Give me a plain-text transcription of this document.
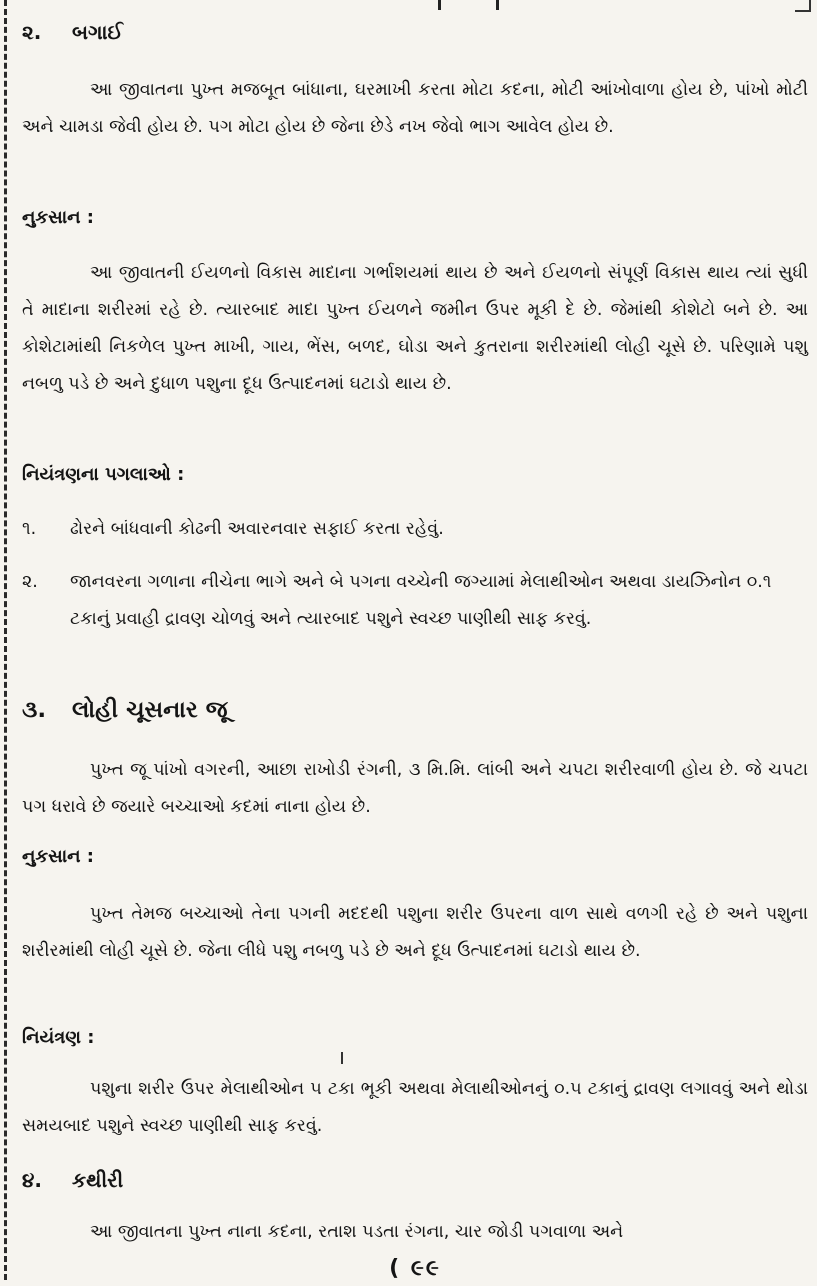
૨. બગાઈ

આ જીવાતના પુખ્ત મજબૂત બાંધાના, ઘરમાખી કરતા મોટા કદના, મોટી આંખોવાળા હોય છે, પાંખો મોટી અને ચામડા જેવી હોય છે. પગ મોટા હોય છે જેના છેડે નખ જેવો ભાગ આવેલ હોય છે.

નુકસાન :

આ જીવાતની ઈયળનો વિકાસ માદાના ગર્ભાશયમાં થાય છે અને ઈયળનો સંપૂર્ણ વિકાસ થાય ત્યાં સુધી તે માદાના શરીરમાં રહે છે. ત્યારબાદ માદા પુખ્ત ઈયળને જમીન ઉપર મૂકી દે છે. જેમાંથી કોશેટો બને છે. આ કોશેટામાંથી નિકળેલ પુખ્ત માખી, ગાય, ભેંસ, બળદ, ઘોડા અને કુતરાના શરીરમાંથી લોહી ચૂસે છે. પરિણામે પશુ નબળુ પડે છે અને દુધાળ પશુના દૂધ ઉત્પાદનમાં ઘટાડો થાય છે.

નિયંત્રણના પગલાઓ :
૧.	ઢોરને બાંધવાની કોઢની અવારનવાર સફાઈ કરતા રહેવું.
૨.	જાનવરના ગળાના નીચેના ભાગે અને બે પગના વચ્ચેની જગ્યામાં મેલાથીઓન અથવા ડાયઝિનોન ૦.૧ ટકાનું પ્રવાહી દ્રાવણ ચોળવું અને ત્યારબાદ પશુને સ્વચ્છ પાણીથી સાફ કરવું.
૩. લોહી ચૂસનાર જૂ

પુખ્ત જૂ પાંખો વગરની, આછા રાખોડી રંગની, ૩ મિ.મિ. લાંબી અને ચપટા શરીરવાળી હોય છે. જે ચપટા પગ ધરાવે છે જયારે બચ્ચાઓ કદમાં નાના હોય છે.

નુકસાન :

પુખ્ત તેમજ બચ્ચાઓ તેના પગની મદદથી પશુના શરીર ઉપરના વાળ સાથે વળગી રહે છે અને પશુના શરીરમાંથી લોહી ચૂસે છે. જેના લીધે પશુ નબળુ પડે છે અને દૂધ ઉત્પાદનમાં ઘટાડો થાય છે.

નિયંત્રણ :

પશુના શરીર ઉપર મેલાથીઓન ૫ ટકા ભૂકી અથવા મેલાથીઓનનું ૦.૫ ટકાનું દ્રાવણ લગાવવું અને થોડા સમયબાદ પશુને સ્વચ્છ પાણીથી સાફ કરવું.

૪. કથીરી

આ જીવાતના પુખ્ત નાના કદના, રતાશ પડતા રંગના, ચાર જોડી પગવાળા અને

( ૯૯
